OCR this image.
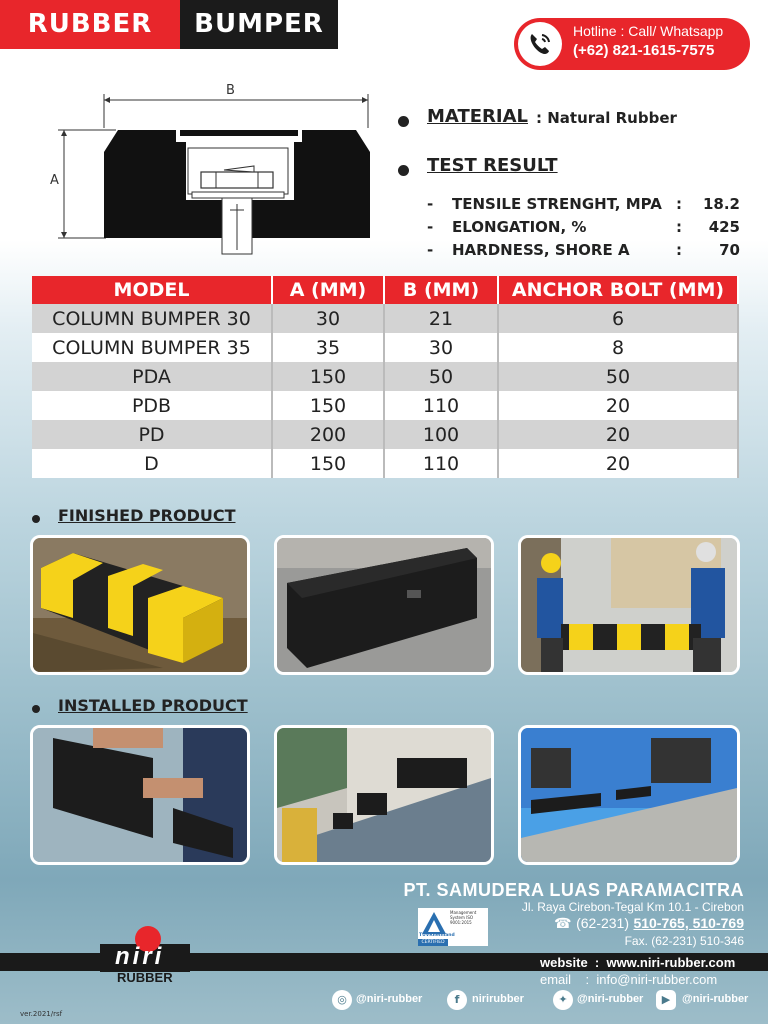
RUBBER	BUMPER	Hotline : Call/ Whatsapp
(+62) 821-1615-7575
B
A
MATERIAL : Natural Rubber
TEST RESULT
- TENSILE STRENGHT, MPA : 18.2
- ELONGATION, %	: 425
- HARDNESS, SHORE A	: 70
MODEL	A (MM)	B (MM)	ANCHOR BOLT (MM)
COLUMN BUMPER 30	30	21	6
COLUMN BUMPER 35	35	30	8
PDA	150	50	50
PDB	150	110	20
PD	200	100	20
D	150	110	20
FINISHED PRODUCT
INSTALLED PRODUCT
PT. SAMUDERA LUAS PARAMACITRA
Jl. Raya Cirebon-Tegal Km 10.1 - Cirebon
☎ (62-231) 510-765, 510-769
Fax. (62-231) 510-346
Management System ISO 9001:2015
TÜVRheinland
CERTIFIED
niri
RUBBER
website  :  www.niri-rubber.com
email    :  info@niri-rubber.com
◎ @niri-rubber	f	nirirubber	✦ @niri-rubber	▶	@niri-rubber
ver.2021/rsf
